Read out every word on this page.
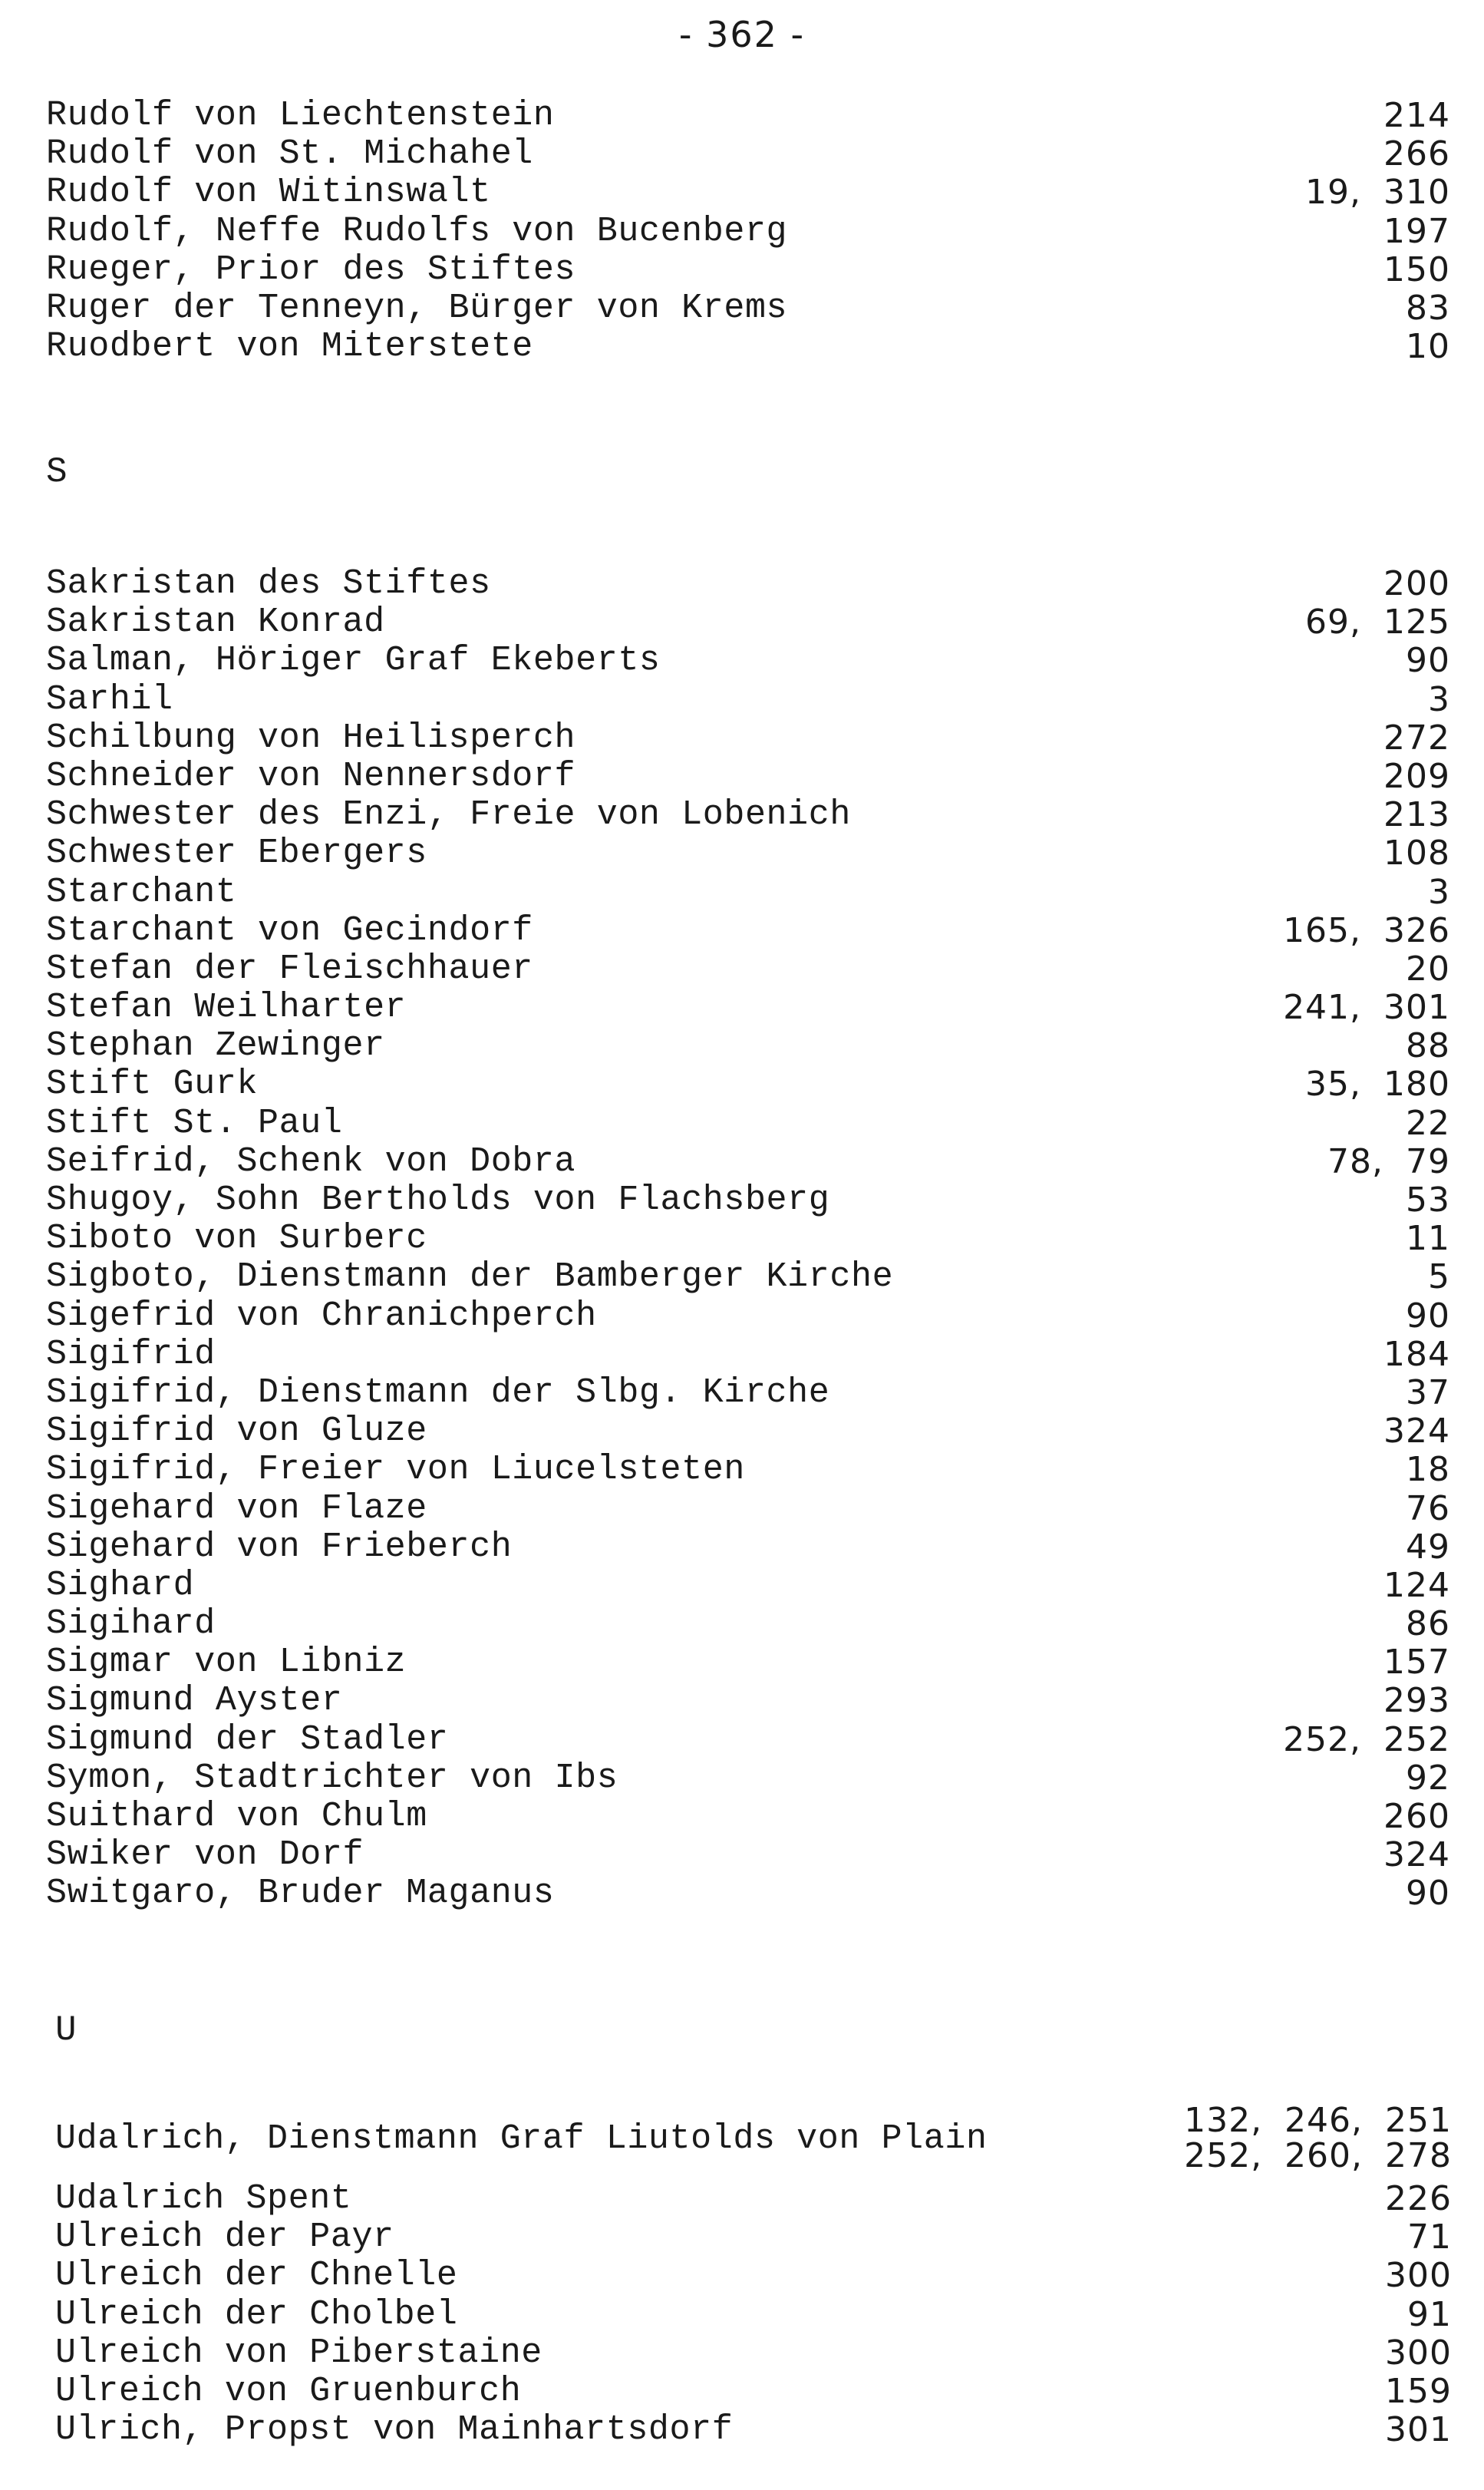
- 362 -
Rudolf von Liechtenstein	214
Rudolf von St. Michahel	266
Rudolf von Witinswalt	19, 310
Rudolf, Neffe Rudolfs von Bucenberg	197
Rueger, Prior des Stiftes	150
Ruger der Tenneyn, Bürger von Krems	83
Ruodbert von Miterstete	10
S
Sakristan des Stiftes	200
Sakristan Konrad	69, 125
Salman, Höriger Graf Ekeberts	90
Sarhil	3
Schilbung von Heilisperch	272
Schneider von Nennersdorf	209
Schwester des Enzi, Freie von Lobenich	213
Schwester Ebergers	108
Starchant	3
Starchant von Gecindorf	165, 326
Stefan der Fleischhauer	20
Stefan Weilharter	241, 301
Stephan Zewinger	88
Stift Gurk	35, 180
Stift St. Paul	22
Seifrid, Schenk von Dobra	78, 79
Shugoy, Sohn Bertholds von Flachsberg	53
Siboto von Surberc	11
Sigboto, Dienstmann der Bamberger Kirche	5
Sigefrid von Chranichperch	90
Sigifrid	184
Sigifrid, Dienstmann der Slbg. Kirche	37
Sigifrid von Gluze	324
Sigifrid, Freier von Liucelsteten	18
Sigehard von Flaze	76
Sigehard von Frieberch	49
Sighard	124
Sigihard	86
Sigmar von Libniz	157
Sigmund Ayster	293
Sigmund der Stadler	252, 252
Symon, Stadtrichter von Ibs	92
Suithard von Chulm	260
Swiker von Dorf	324
Switgaro, Bruder Maganus	90
U
Udalrich, Dienstmann Graf Liutolds von Plain	132, 246, 251
252, 260, 278
Udalrich Spent	226
Ulreich der Payr	71
Ulreich der Chnelle	300
Ulreich der Cholbel	91
Ulreich von Piberstaine	300
Ulreich von Gruenburch	159
Ulrich, Propst von Mainhartsdorf	301
